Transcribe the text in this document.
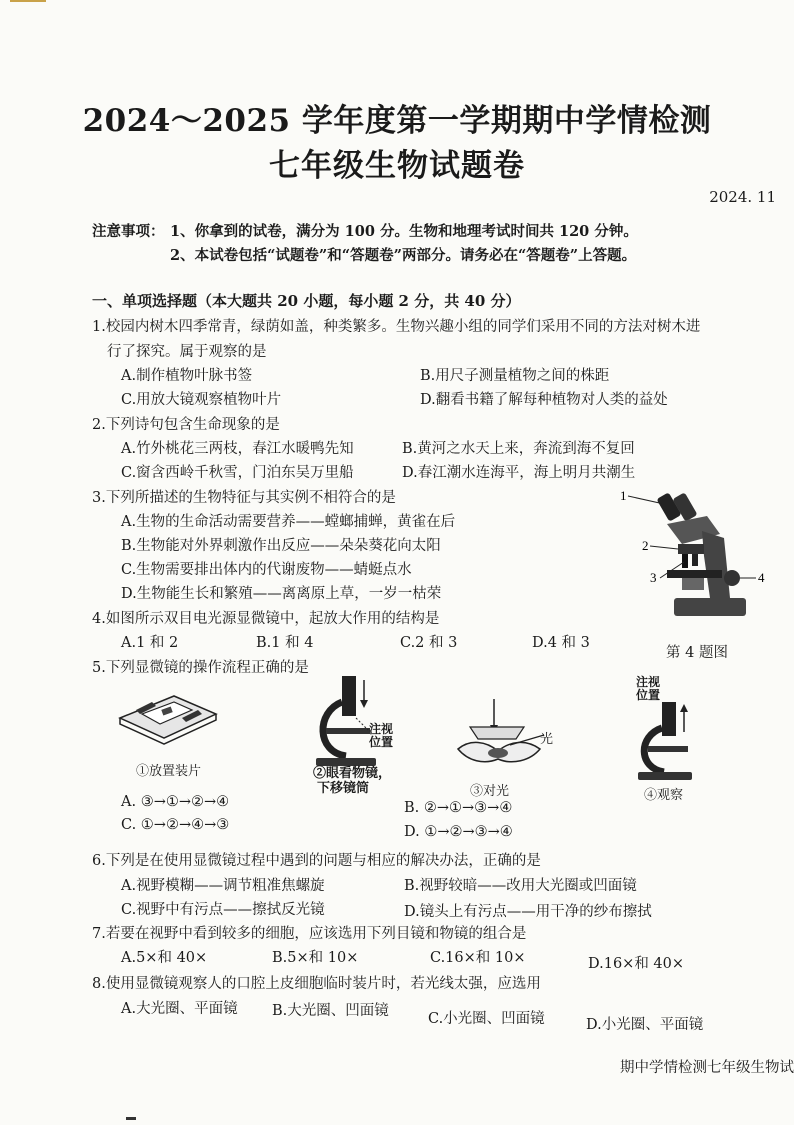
2024～2025 学年度第一学期期中学情检测
七年级生物试题卷
2024. 11
注意事项： 1、你拿到的试卷，满分为 100 分。生物和地理考试时间共 120 分钟。
2、本试卷包括“试题卷”和“答题卷”两部分。请务必在“答题卷”上答题。
一、单项选择题（本大题共 20 小题，每小题 2 分，共 40 分）
1.校园内树木四季常青，绿荫如盖，种类繁多。生物兴趣小组的同学们采用不同的方法对树木进
行了探究。属于观察的是
A.制作植物叶脉书签	B.用尺子测量植物之间的株距
C.用放大镜观察植物叶片	D.翻看书籍了解每种植物对人类的益处
2.下列诗句包含生命现象的是
A.竹外桃花三两枝，春江水暖鸭先知	B.黄河之水天上来，奔流到海不复回
C.窗含西岭千秋雪，门泊东吴万里船	D.春江潮水连海平，海上明月共潮生
3.下列所描述的生物特征与其实例不相符合的是
A.生物的生命活动需要营养——螳螂捕蝉，黄雀在后
B.生物能对外界刺激作出反应——朵朵葵花向太阳
C.生物需要排出体内的代谢废物——蜻蜓点水
D.生物能生长和繁殖——离离原上草，一岁一枯荣
1
2
3	4
4.如图所示双目电光源显微镜中，起放大作用的结构是
A.1 和 2	B.1 和 4	C.2 和 3	D.4 和 3
第 4 题图
5.下列显微镜的操作流程正确的是
①放置装片
注视
位置
②眼看物镜，
下移镜筒
光
③对光
注视
位置
④观察
A. ③→①→②→④	B. ②→①→③→④
C. ①→②→④→③	D. ①→②→③→④
6.下列是在使用显微镜过程中遇到的问题与相应的解决办法，正确的是
A.视野模糊——调节粗准焦螺旋	B.视野较暗——改用大光圈或凹面镜
C.视野中有污点——擦拭反光镜	D.镜头上有污点——用干净的纱布擦拭
7.若要在视野中看到较多的细胞，应该选用下列目镜和物镜的组合是
A.5×和 40×	B.5×和 10×	C.16×和 10×	D.16×和 40×
8.使用显微镜观察人的口腔上皮细胞临时装片时，若光线太强，应选用
A.大光圈、平面镜 B.大光圈、凹面镜	C.小光圈、凹面镜	D.小光圈、平面镜
期中学情检测七年级生物试
